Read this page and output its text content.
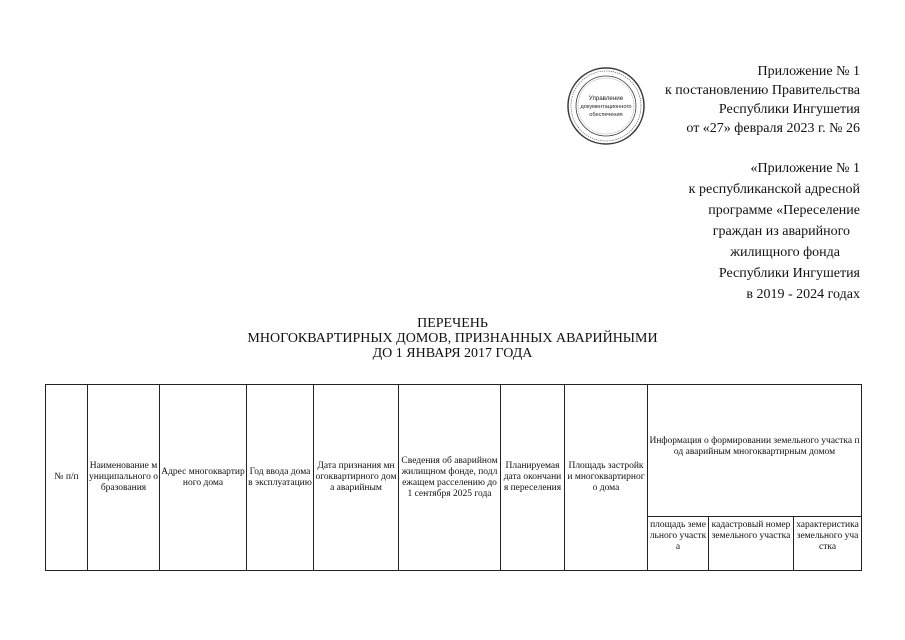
Приложение № 1
к постановлению Правительства
Республики Ингушетия
от «27» февраля 2023 г. № 26
Управление
документационного
обеспечения
«Приложение № 1
к республиканской адресной
программе «Переселение
граждан из аварийного
жилищного фонда
Республики Ингушетия
в 2019 - 2024 годах
ПЕРЕЧЕНЬ
МНОГОКВАРТИРНЫХ ДОМОВ, ПРИЗНАННЫХ АВАРИЙНЫМИ
ДО 1 ЯНВАРЯ 2017 ГОДА
№ п/п	Наименование муниципального образования	Адрес многоквартирного дома	Год ввода дома в эксплуатацию	Дата признания многоквартирного дома аварийным	Сведения об аварийном жилищном фонде, подлежащем расселению до 1 сентября 2025 года	Планируемая дата окончания переселения	Площадь застройки многоквартирного дома	Информация о формировании земельного участка под аварийным многоквартирным домом		
								площадь земельного участка	кадастровый номер земельного участка	характеристика земельного участка
